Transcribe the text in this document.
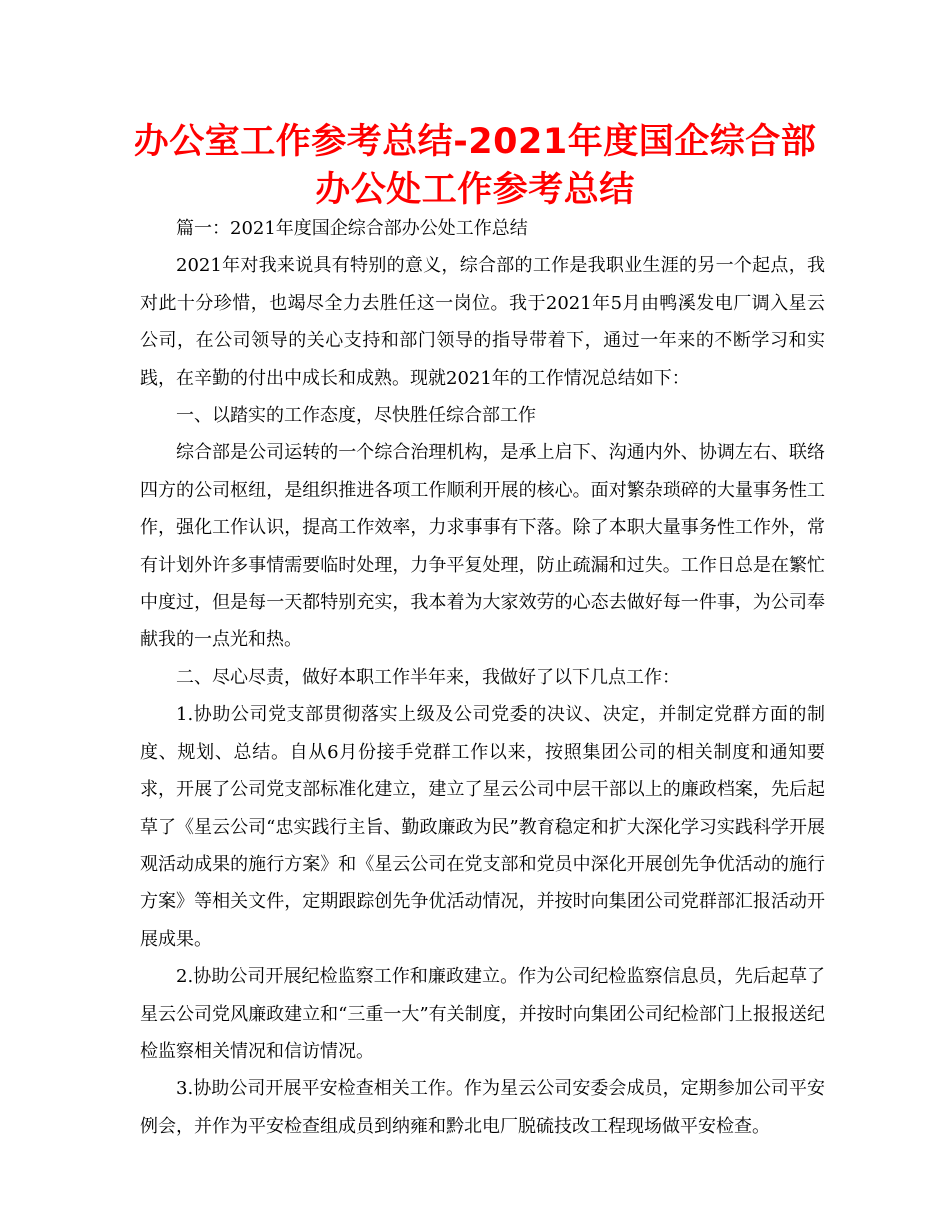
办公室工作参考总结-2021年度国企综合部办公处工作参考总结

篇一：2021年度国企综合部办公处工作总结

2021年对我来说具有特别的意义，综合部的工作是我职业生涯的另一个起点，我对此十分珍惜，也竭尽全力去胜任这一岗位。我于2021年5月由鸭溪发电厂调入星云公司，在公司领导的关心支持和部门领导的指导带着下，通过一年来的不断学习和实践，在辛勤的付出中成长和成熟。现就2021年的工作情况总结如下：

一、以踏实的工作态度，尽快胜任综合部工作

综合部是公司运转的一个综合治理机构，是承上启下、沟通内外、协调左右、联络四方的公司枢纽，是组织推进各项工作顺利开展的核心。面对繁杂琐碎的大量事务性工作，强化工作认识，提高工作效率，力求事事有下落。除了本职大量事务性工作外，常有计划外许多事情需要临时处理，力争平复处理，防止疏漏和过失。工作日总是在繁忙中度过，但是每一天都特别充实，我本着为大家效劳的心态去做好每一件事，为公司奉献我的一点光和热。

二、尽心尽责，做好本职工作半年来，我做好了以下几点工作：

1.协助公司党支部贯彻落实上级及公司党委的决议、决定，并制定党群方面的制度、规划、总结。自从6月份接手党群工作以来，按照集团公司的相关制度和通知要求，开展了公司党支部标准化建立，建立了星云公司中层干部以上的廉政档案，先后起草了《星云公司“忠实践行主旨、勤政廉政为民”教育稳定和扩大深化学习实践科学开展观活动成果的施行方案》和《星云公司在党支部和党员中深化开展创先争优活动的施行方案》等相关文件，定期跟踪创先争优活动情况，并按时向集团公司党群部汇报活动开展成果。

2.协助公司开展纪检监察工作和廉政建立。作为公司纪检监察信息员，先后起草了星云公司党风廉政建立和“三重一大”有关制度，并按时向集团公司纪检部门上报报送纪检监察相关情况和信访情况。

3.协助公司开展平安检查相关工作。作为星云公司安委会成员，定期参加公司平安例会，并作为平安检查组成员到纳雍和黔北电厂脱硫技改工程现场做平安检查。
